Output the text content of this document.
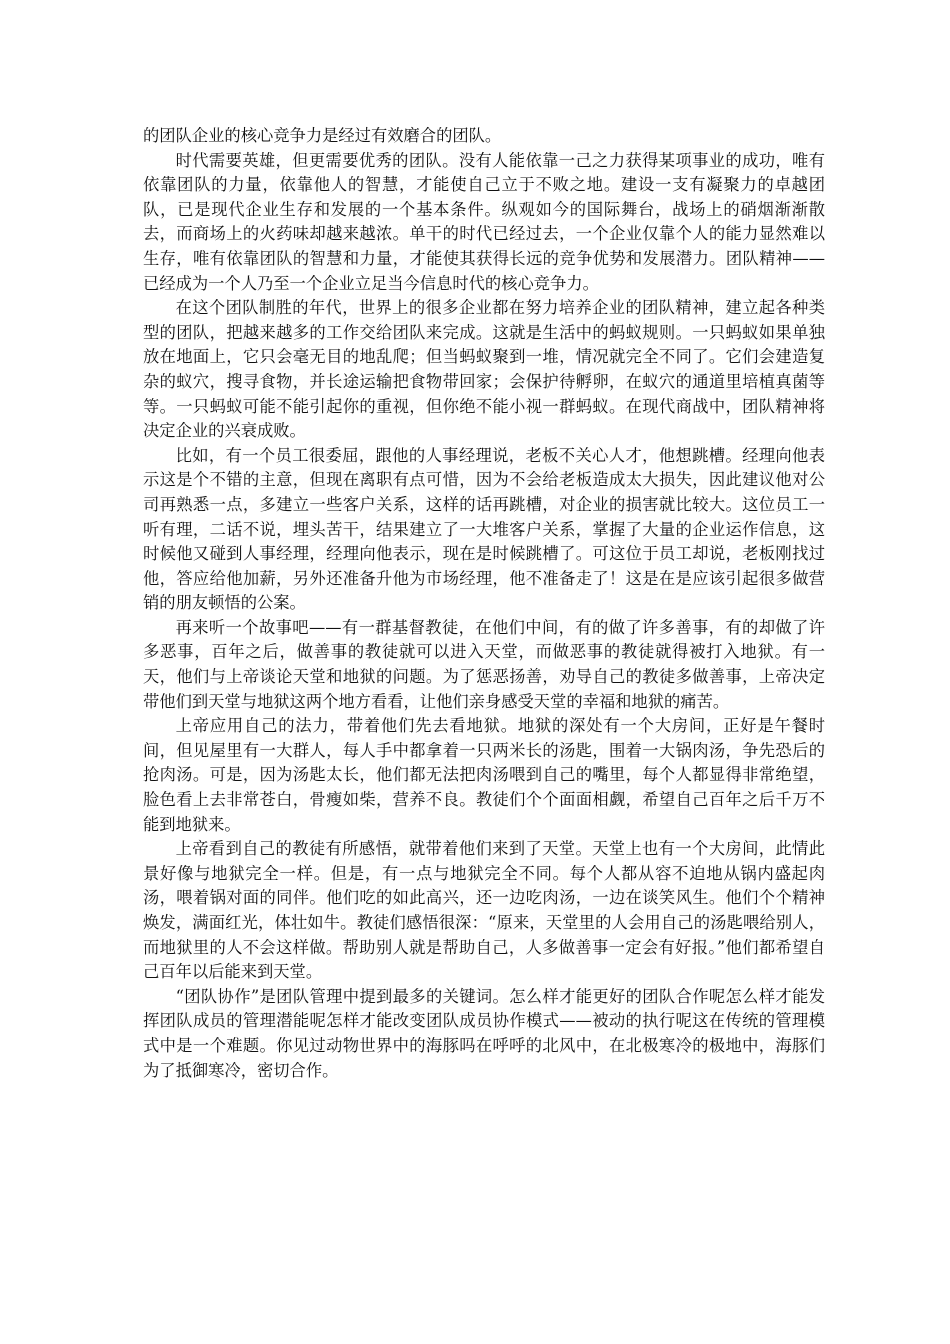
的团队企业的核心竞争力是经过有效磨合的团队。

时代需要英雄，但更需要优秀的团队。没有人能依靠一己之力获得某项事业的成功，唯有依靠团队的力量，依靠他人的智慧，才能使自己立于不败之地。建设一支有凝聚力的卓越团队，已是现代企业生存和发展的一个基本条件。纵观如今的国际舞台，战场上的硝烟渐渐散去，而商场上的火药味却越来越浓。单干的时代已经过去，一个企业仅靠个人的能力显然难以生存，唯有依靠团队的智慧和力量，才能使其获得长远的竞争优势和发展潜力。团队精神——已经成为一个人乃至一个企业立足当今信息时代的核心竞争力。

在这个团队制胜的年代，世界上的很多企业都在努力培养企业的团队精神，建立起各种类型的团队，把越来越多的工作交给团队来完成。这就是生活中的蚂蚁规则。一只蚂蚁如果单独放在地面上，它只会毫无目的地乱爬；但当蚂蚁聚到一堆，情况就完全不同了。它们会建造复杂的蚁穴，搜寻食物，并长途运输把食物带回家；会保护待孵卵，在蚁穴的通道里培植真菌等等。一只蚂蚁可能不能引起你的重视，但你绝不能小视一群蚂蚁。在现代商战中，团队精神将决定企业的兴衰成败。

比如，有一个员工很委屈，跟他的人事经理说，老板不关心人才，他想跳槽。经理向他表示这是个不错的主意，但现在离职有点可惜，因为不会给老板造成太大损失，因此建议他对公司再熟悉一点，多建立一些客户关系，这样的话再跳槽，对企业的损害就比较大。这位员工一听有理，二话不说，埋头苦干，结果建立了一大堆客户关系，掌握了大量的企业运作信息，这时候他又碰到人事经理，经理向他表示，现在是时候跳槽了。可这位于员工却说，老板刚找过他，答应给他加薪，另外还准备升他为市场经理，他不准备走了！这是在是应该引起很多做营销的朋友顿悟的公案。

再来听一个故事吧——有一群基督教徒，在他们中间，有的做了许多善事，有的却做了许多恶事，百年之后，做善事的教徒就可以进入天堂，而做恶事的教徒就得被打入地狱。有一天，他们与上帝谈论天堂和地狱的问题。为了惩恶扬善，劝导自己的教徒多做善事，上帝决定带他们到天堂与地狱这两个地方看看，让他们亲身感受天堂的幸福和地狱的痛苦。

上帝应用自己的法力，带着他们先去看地狱。地狱的深处有一个大房间，正好是午餐时间，但见屋里有一大群人，每人手中都拿着一只两米长的汤匙，围着一大锅肉汤，争先恐后的抢肉汤。可是，因为汤匙太长，他们都无法把肉汤喂到自己的嘴里，每个人都显得非常绝望，脸色看上去非常苍白，骨瘦如柴，营养不良。教徒们个个面面相觑，希望自己百年之后千万不能到地狱来。

上帝看到自己的教徒有所感悟，就带着他们来到了天堂。天堂上也有一个大房间，此情此景好像与地狱完全一样。但是，有一点与地狱完全不同。每个人都从容不迫地从锅内盛起肉汤，喂着锅对面的同伴。他们吃的如此高兴，还一边吃肉汤，一边在谈笑风生。他们个个精神焕发，满面红光，体壮如牛。教徒们感悟很深：“原来，天堂里的人会用自己的汤匙喂给别人，而地狱里的人不会这样做。帮助别人就是帮助自己，人多做善事一定会有好报。”他们都希望自己百年以后能来到天堂。

“团队协作”是团队管理中提到最多的关键词。怎么样才能更好的团队合作呢怎么样才能发挥团队成员的管理潜能呢怎样才能改变团队成员协作模式——被动的执行呢这在传统的管理模式中是一个难题。你见过动物世界中的海豚吗在呼呼的北风中，在北极寒冷的极地中，海豚们为了抵御寒冷，密切合作。
